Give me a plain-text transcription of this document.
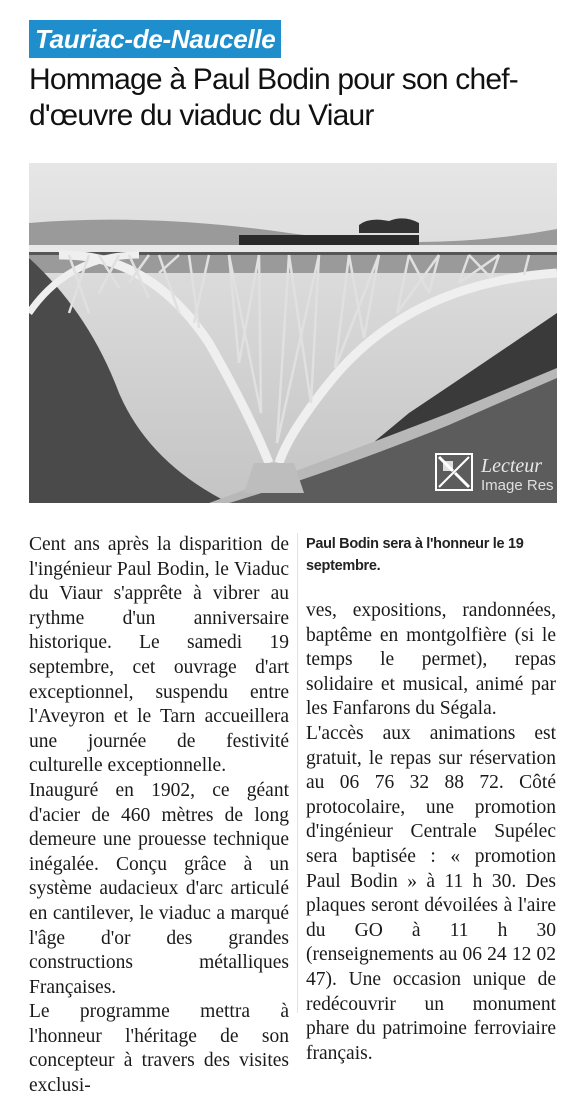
Tauriac-de-Naucelle
Hommage à Paul Bodin pour son chef-d'œuvre du viaduc du Viaur
Lecteur
Image Res

Cent ans après la disparition de l'ingénieur Paul Bodin, le Viaduc du Viaur s'apprête à vibrer au rythme d'un anniversaire historique. Le samedi 19 septembre, cet ouvrage d'art exceptionnel, suspendu entre l'Aveyron et le Tarn accueillera une journée de festivité culturelle exceptionnelle.

Inauguré en 1902, ce géant d'acier de 460 mètres de long demeure une prouesse technique inégalée. Conçu grâce à un système audacieux d'arc articulé en cantilever, le viaduc a marqué l'âge d'or des grandes constructions métalliques Françaises.

Le programme mettra à l'honneur l'héritage de son concepteur à travers des visites exclusi-

Paul Bodin sera à l'honneur le 19 septembre.

ves, expositions, randonnées, baptême en montgolfière (si le temps le permet), repas solidaire et musical, animé par les Fanfarons du Ségala.

L'accès aux animations est gratuit, le repas sur réservation au 06 76 32 88 72. Côté protocolaire, une promotion d'ingénieur Centrale Supélec sera baptisée : « promotion Paul Bodin » à 11 h 30. Des plaques seront dévoilées à l'aire du GO à 11 h 30 (renseignements au 06 24 12 02 47). Une occasion unique de redécouvrir un monument phare du patrimoine ferroviaire français.
